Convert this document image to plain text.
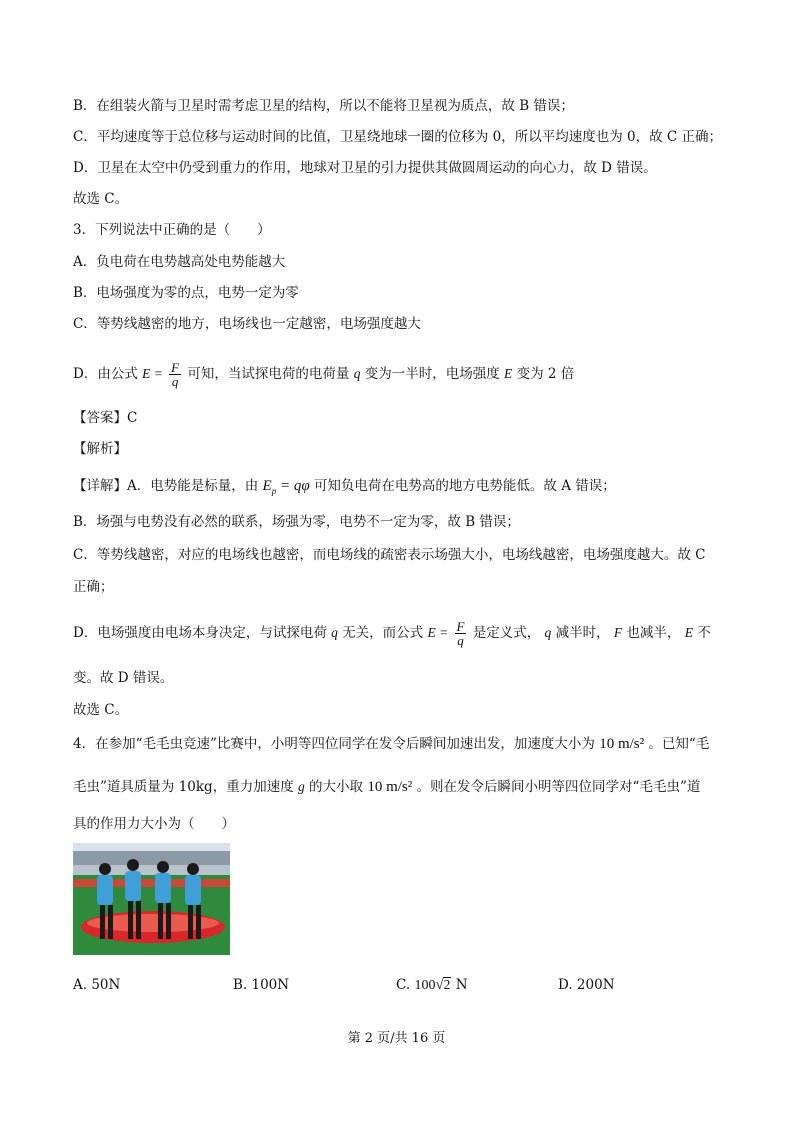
B．在组装火箭与卫星时需考虑卫星的结构，所以不能将卫星视为质点，故 B 错误；
C．平均速度等于总位移与运动时间的比值，卫星绕地球一圈的位移为 0，所以平均速度也为 0，故 C 正确；
D．卫星在太空中仍受到重力的作用，地球对卫星的引力提供其做圆周运动的向心力，故 D 错误。
故选 C。
3．下列说法中正确的是（　　）
A．负电荷在电势越高处电势能越大
B．电场强度为零的点，电势一定为零
C．等势线越密的地方，电场线也一定越密，电场强度越大
D．由公式 $E = \frac{F}{q}$ 可知，当试探电荷的电荷量 q 变为一半时，电场强度 E 变为 2 倍
【答案】C
【解析】
【详解】A．电势能是标量，由 $E_p = q\varphi$ 可知负电荷在电势高的地方电势能低。故 A 错误；
B．场强与电势没有必然的联系，场强为零，电势不一定为零，故 B 错误；
C．等势线越密，对应的电场线也越密，而电场线的疏密表示场强大小，电场线越密，电场强度越大。故 C
正确；
D．电场强度由电场本身决定，与试探电荷 q 无关，而公式 $E = \frac{F}{q}$ 是定义式， q 减半时， F 也减半， E 不
变。故 D 错误。
故选 C。
4．在参加“毛毛虫竞速”比赛中，小明等四位同学在发令后瞬间加速出发，加速度大小为 10 m/s² 。已知“毛
毛虫”道具质量为 10kg，重力加速度 g 的大小取 10 m/s² 。则在发令后瞬间小明等四位同学对“毛毛虫”道
具的作用力大小为（　　）
A. 50N	B. 100N	C. 100√2 N	D. 200N
第 2 页/共 16 页
